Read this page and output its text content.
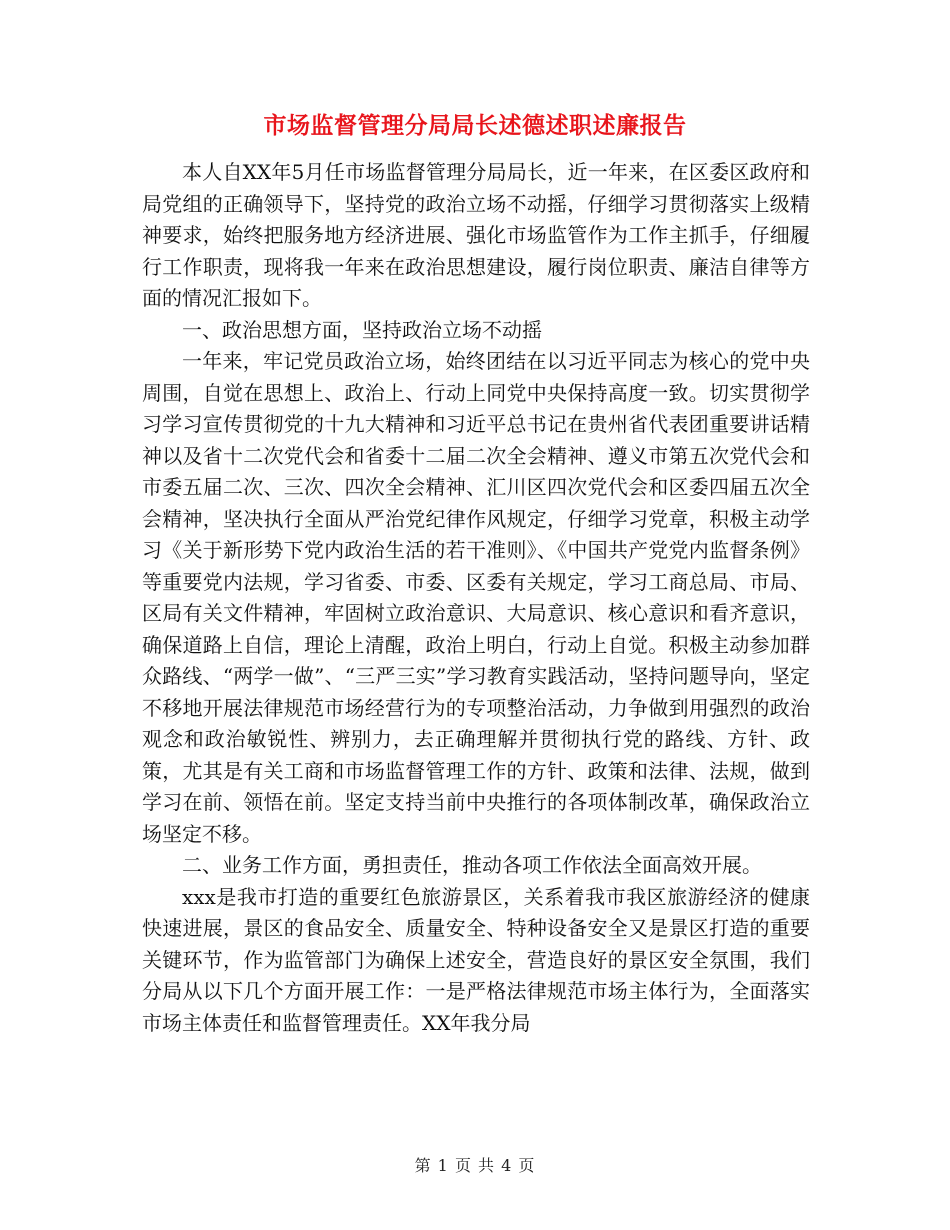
市场监督管理分局局长述德述职述廉报告

本人自XX年5月任市场监督管理分局局长，近一年来，在区委区政府和局党组的正确领导下，坚持党的政治立场不动摇，仔细学习贯彻落实上级精神要求，始终把服务地方经济进展、强化市场监管作为工作主抓手，仔细履行工作职责，现将我一年来在政治思想建设，履行岗位职责、廉洁自律等方面的情况汇报如下。

一、政治思想方面，坚持政治立场不动摇

一年来，牢记党员政治立场，始终团结在以习近平同志为核心的党中央周围，自觉在思想上、政治上、行动上同党中央保持高度一致。切实贯彻学习学习宣传贯彻党的十九大精神和习近平总书记在贵州省代表团重要讲话精神以及省十二次党代会和省委十二届二次全会精神、遵义市第五次党代会和市委五届二次、三次、四次全会精神、汇川区四次党代会和区委四届五次全会精神，坚决执行全面从严治党纪律作风规定，仔细学习党章，积极主动学习《关于新形势下党内政治生活的若干准则》、《中国共产党党内监督条例》等重要党内法规，学习省委、市委、区委有关规定，学习工商总局、市局、区局有关文件精神，牢固树立政治意识、大局意识、核心意识和看齐意识，确保道路上自信，理论上清醒，政治上明白，行动上自觉。积极主动参加群众路线、“两学一做”、“三严三实”学习教育实践活动，坚持问题导向，坚定不移地开展法律规范市场经营行为的专项整治活动，力争做到用强烈的政治观念和政治敏锐性、辨别力，去正确理解并贯彻执行党的路线、方针、政策，尤其是有关工商和市场监督管理工作的方针、政策和法律、法规，做到学习在前、领悟在前。坚定支持当前中央推行的各项体制改革，确保政治立场坚定不移。

二、业务工作方面，勇担责任，推动各项工作依法全面高效开展。

xxx是我市打造的重要红色旅游景区，关系着我市我区旅游经济的健康快速进展，景区的食品安全、质量安全、特种设备安全又是景区打造的重要关键环节，作为监管部门为确保上述安全，营造良好的景区安全氛围，我们分局从以下几个方面开展工作：一是严格法律规范市场主体行为，全面落实市场主体责任和监督管理责任。XX年我分局

第 1 页 共 4 页
